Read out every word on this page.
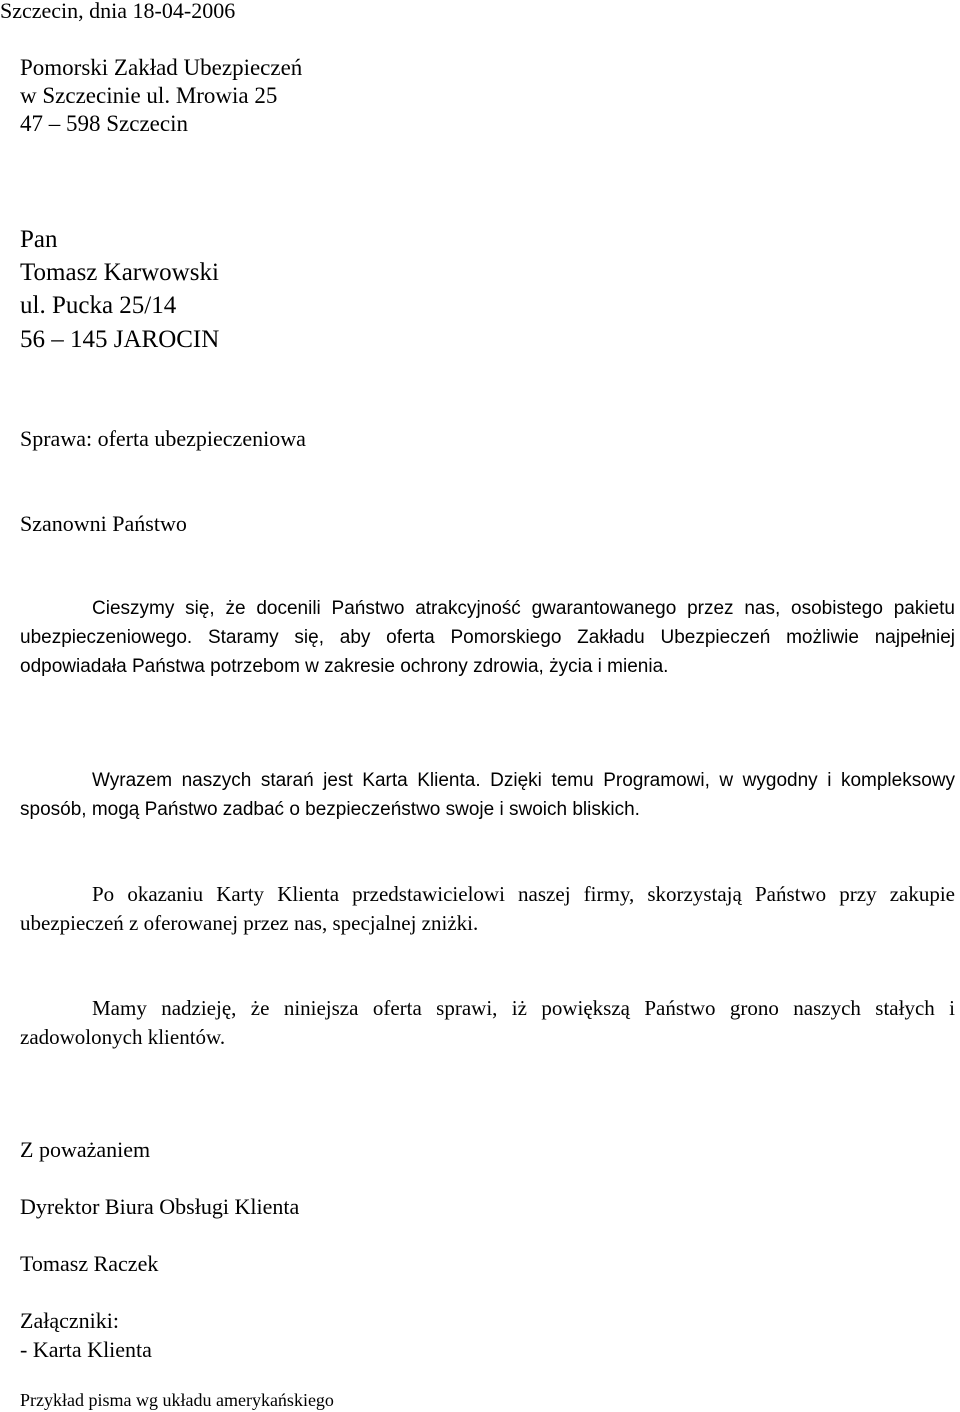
Szczecin, dnia 18-04-2006

Pomorski Zakład Ubezpieczeń

w Szczecinie ul. Mrowia 25

47 – 598 Szczecin

Pan

Tomasz Karwowski

ul. Pucka 25/14

56 – 145 JAROCIN

Sprawa: oferta ubezpieczeniowa

Szanowni Państwo

Cieszymy się, że docenili Państwo atrakcyjność gwarantowanego przez nas, osobistego pakietu ubezpieczeniowego. Staramy się, aby oferta Pomorskiego Zakładu Ubezpieczeń możliwie najpełniej odpowiadała Państwa potrzebom w zakresie ochrony zdrowia, życia i mienia.

Wyrazem naszych starań jest Karta Klienta. Dzięki temu Programowi, w wygodny i kompleksowy sposób, mogą Państwo zadbać o bezpieczeństwo swoje i swoich bliskich.

Po okazaniu Karty Klienta przedstawicielowi naszej firmy, skorzystają Państwo przy zakupie ubezpieczeń z oferowanej przez nas, specjalnej zniżki.

Mamy nadzieję, że niniejsza oferta sprawi, iż powiększą Państwo grono naszych stałych i zadowolonych klientów.

Z poważaniem

Dyrektor Biura Obsługi Klienta

Tomasz Raczek

Załączniki:

- Karta Klienta

Przykład pisma wg układu amerykańskiego
